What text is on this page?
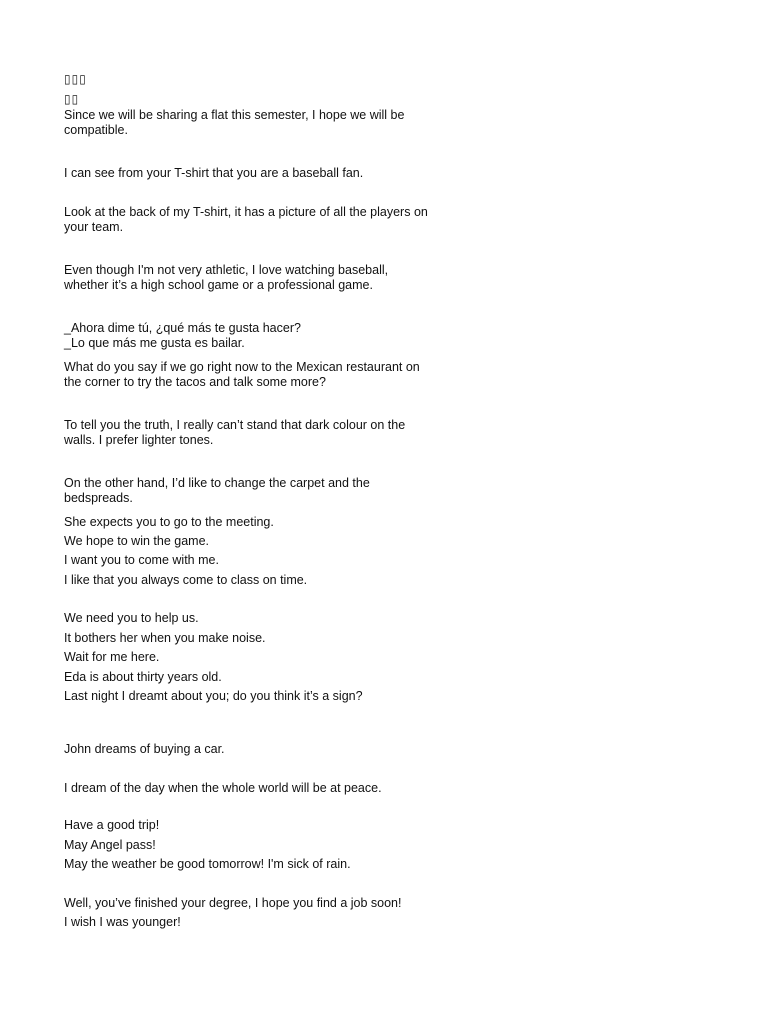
▯▯▯
▯▯
Since we will be sharing a flat this semester, I hope we will be
compatible.
I can see from your T-shirt that you are a baseball fan.
Look at the back of my T-shirt, it has a picture of all the players on
your team.
Even though I'm not very athletic, I love watching baseball,
whether it’s a high school game or a professional game.
_Ahora dime tú, ¿qué más te gusta hacer?
_Lo que más me gusta es bailar.
What do you say if we go right now to the Mexican restaurant on
the corner to try the tacos and talk some more?
To tell you the truth, I really can’t stand that dark colour on the
walls. I prefer lighter tones.
On the other hand, I’d like to change the carpet and the
bedspreads.
She expects you to go to the meeting.
We hope to win the game.
I want you to come with me.
I like that you always come to class on time.
We need you to help us.
It bothers her when you make noise.
Wait for me here.
Eda is about thirty years old.
Last night I dreamt about you; do you think it’s a sign?
John dreams of buying a car.
I dream of the day when the whole world will be at peace.
Have a good trip!
May Angel pass!
May the weather be good tomorrow! I'm sick of rain.
Well, you’ve finished your degree, I hope you find a job soon!
I wish I was younger!
